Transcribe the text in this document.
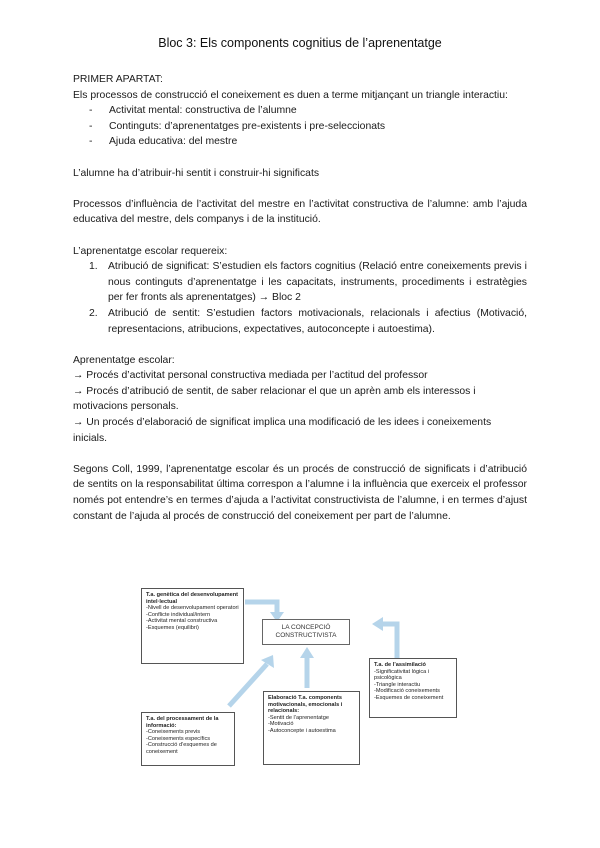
Bloc 3: Els components cognitius de l’aprenentatge

PRIMER APARTAT:

Els processos de construcció el coneixement es duen a terme mitjançant un triangle interactiu:

- Activitat mental: constructiva de l’alumne
- Continguts: d’aprenentatges pre-existents i pre-seleccionats
- Ajuda educativa: del mestre

L’alumne ha d’atribuir-hi sentit i construir-hi significats

Processos d’influència de l’activitat del mestre en l’activitat constructiva de l’alumne: amb l’ajuda educativa del mestre, dels companys i de la institució.

L’aprenentatge escolar requereix:

1. Atribució de significat: S’estudien els factors cognitius (Relació entre coneixements previs i nous continguts d’aprenentatge i les capacitats, instruments, procediments i estratègies per fer fronts als aprenentatges) → Bloc 2
2. Atribució de sentit: S’estudien factors motivacionals, relacionals i afectius (Motivació, representacions, atribucions, expectatives, autoconcepte i autoestima).

Aprenentatge escolar:

→ Procés d’activitat personal constructiva mediada per l’actitud del professor

→ Procés d’atribució de sentit, de saber relacionar el que un aprèn amb els interessos i motivacions personals.

→ Un procés d’elaboració de significat implica una modificació de les idees i coneixements inicials.

Segons Coll, 1999, l’aprenentatge escolar és un procés de construcció de significats i d’atribució de sentits on la responsabilitat última correspon a l’alumne i la influència que exerceix el professor només pot entendre’s en termes d’ajuda a l’activitat constructivista de l’alumne, i en termes d’ajust constant de l’ajuda al procés de construcció del coneixement per part de l’alumne.

LA CONCEPCIÓ CONSTRUCTIVISTA
T.a. genètica del desenvolupament intel·lectual
-Nivell de desenvolupament operatori
-Conflicte individual/intern
-Activitat mental constructiva
-Esquemes (equilibri)
T.a. de l’assimilació
-Significativitat lògica i psicològica
-Triangle interactiu
-Modificació coneixements
-Esquemes de coneixement
T.a. del processament de la informació:
-Coneixements previs
-Coneixements específics
-Construcció d’esquemes de coneixement
Elaboració T.a. components motivacionals, emocionals i relacionals:
-Sentit de l’aprenentatge
-Motivació
-Autoconcepte i autoestima
